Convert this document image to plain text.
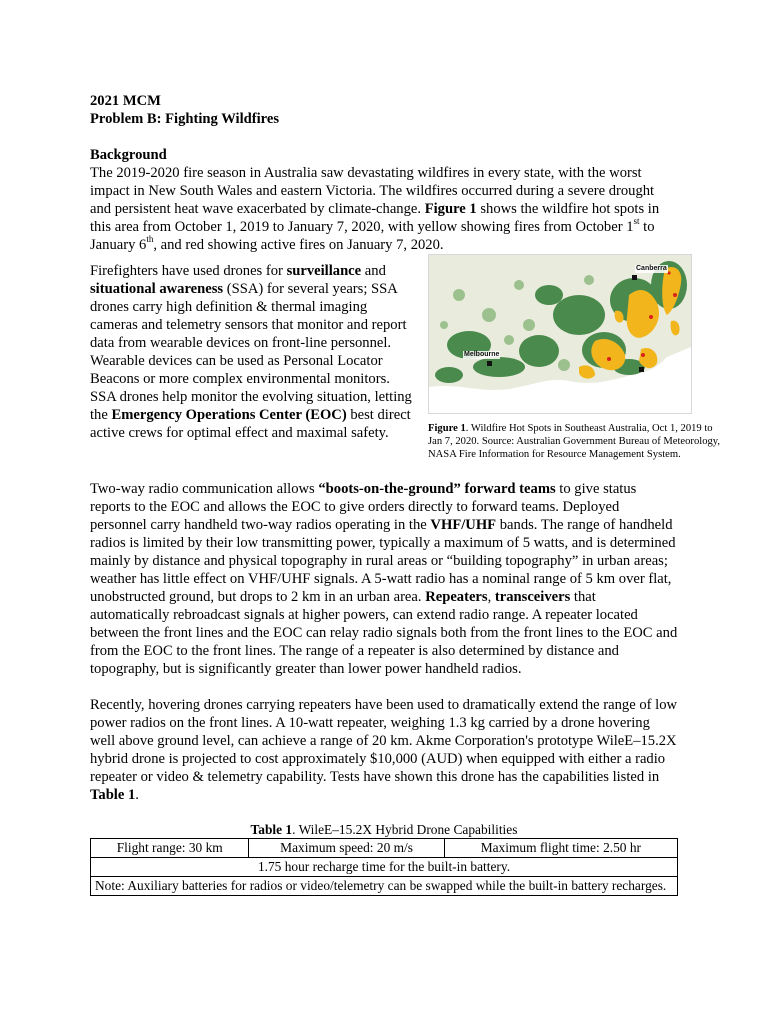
2021 MCM

Problem B: Fighting Wildfires

Background

The 2019-2020 fire season in Australia saw devastating wildfires in every state, with the worst impact in New South Wales and eastern Victoria. The wildfires occurred during a severe drought and persistent heat wave exacerbated by climate-change. Figure 1 shows the wildfire hot spots in this area from October 1, 2019 to January 7, 2020, with yellow showing fires from October 1st to January 6th, and red showing active fires on January 7, 2020.

Firefighters have used drones for surveillance and situational awareness (SSA) for several years; SSA drones carry high definition & thermal imaging cameras and telemetry sensors that monitor and report data from wearable devices on front-line personnel. Wearable devices can be used as Personal Locator Beacons or more complex environmental monitors. SSA drones help monitor the evolving situation, letting the Emergency Operations Center (EOC) best direct active crews for optimal effect and maximal safety.

Canberra
Melbourne
Figure 1. Wildfire Hot Spots in Southeast Australia, Oct 1, 2019 to Jan 7, 2020. Source: Australian Government Bureau of Meteorology, NASA Fire Information for Resource Management System.

Two-way radio communication allows “boots-on-the-ground” forward teams to give status reports to the EOC and allows the EOC to give orders directly to forward teams. Deployed personnel carry handheld two-way radios operating in the VHF/UHF bands. The range of handheld radios is limited by their low transmitting power, typically a maximum of 5 watts, and is determined mainly by distance and physical topography in rural areas or “building topography” in urban areas; weather has little effect on VHF/UHF signals. A 5-watt radio has a nominal range of 5 km over flat, unobstructed ground, but drops to 2 km in an urban area. Repeaters, transceivers that automatically rebroadcast signals at higher powers, can extend radio range. A repeater located between the front lines and the EOC can relay radio signals both from the front lines to the EOC and from the EOC to the front lines. The range of a repeater is also determined by distance and topography, but is significantly greater than lower power handheld radios.

Recently, hovering drones carrying repeaters have been used to dramatically extend the range of low power radios on the front lines. A 10-watt repeater, weighing 1.3 kg carried by a drone hovering well above ground level, can achieve a range of 20 km. Akme Corporation's prototype WileE–15.2X hybrid drone is projected to cost approximately $10,000 (AUD) when equipped with either a radio repeater or video & telemetry capability. Tests have shown this drone has the capabilities listed in Table 1.

Table 1. WileE–15.2X Hybrid Drone Capabilities
Flight range: 30 km	Maximum speed: 20 m/s	Maximum flight time: 2.50 hr
1.75 hour recharge time for the built-in battery.
Note: Auxiliary batteries for radios or video/telemetry can be swapped while the built-in battery recharges.
